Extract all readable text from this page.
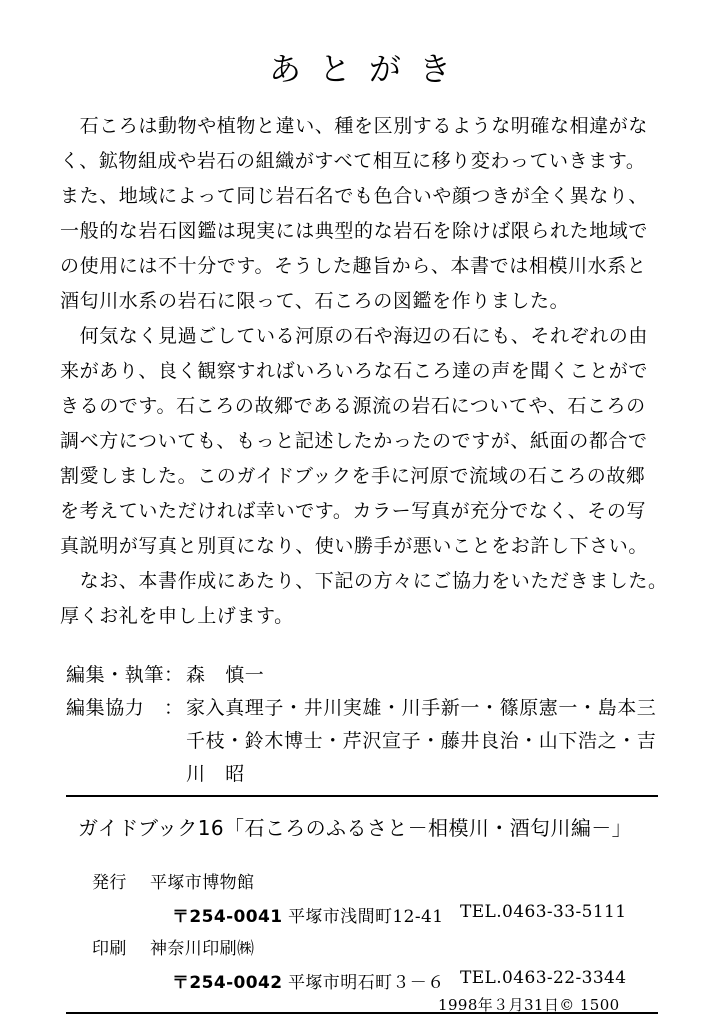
あとがき
　石ころは動物や植物と違い、種を区別するような明確な相違がな
く、鉱物組成や岩石の組織がすべて相互に移り変わっていきます。
また、地域によって同じ岩石名でも色合いや顔つきが全く異なり、
一般的な岩石図鑑は現実には典型的な岩石を除けば限られた地域で
の使用には不十分です。そうした趣旨から、本書では相模川水系と
酒匂川水系の岩石に限って、石ころの図鑑を作りました。
　何気なく見過ごしている河原の石や海辺の石にも、それぞれの由
来があり、良く観察すればいろいろな石ころ達の声を聞くことがで
きるのです。石ころの故郷である源流の岩石についてや、石ころの
調べ方についても、もっと記述したかったのですが、紙面の都合で
割愛しました。このガイドブックを手に河原で流域の石ころの故郷
を考えていただければ幸いです。カラー写真が充分でなく、その写
真説明が写真と別頁になり、使い勝手が悪いことをお許し下さい。
　なお、本書作成にあたり、下記の方々にご協力をいただきました。
厚くお礼を申し上げます。
編集・執筆： 森　慎一
編集協力　： 家入真理子・井川実雄・川手新一・篠原憲一・島本三
千枝・鈴木博士・芹沢宣子・藤井良治・山下浩之・吉
川　昭
ガイドブック16「石ころのふるさと－相模川・酒匂川編－」
発行 平塚市博物館
〒254-0041 平塚市浅間町12-41 TEL.0463-33-5111
印刷 神奈川印刷㈱
〒254-0042 平塚市明石町３－６ TEL.0463-22-3344
1998年３月31日© 1500
